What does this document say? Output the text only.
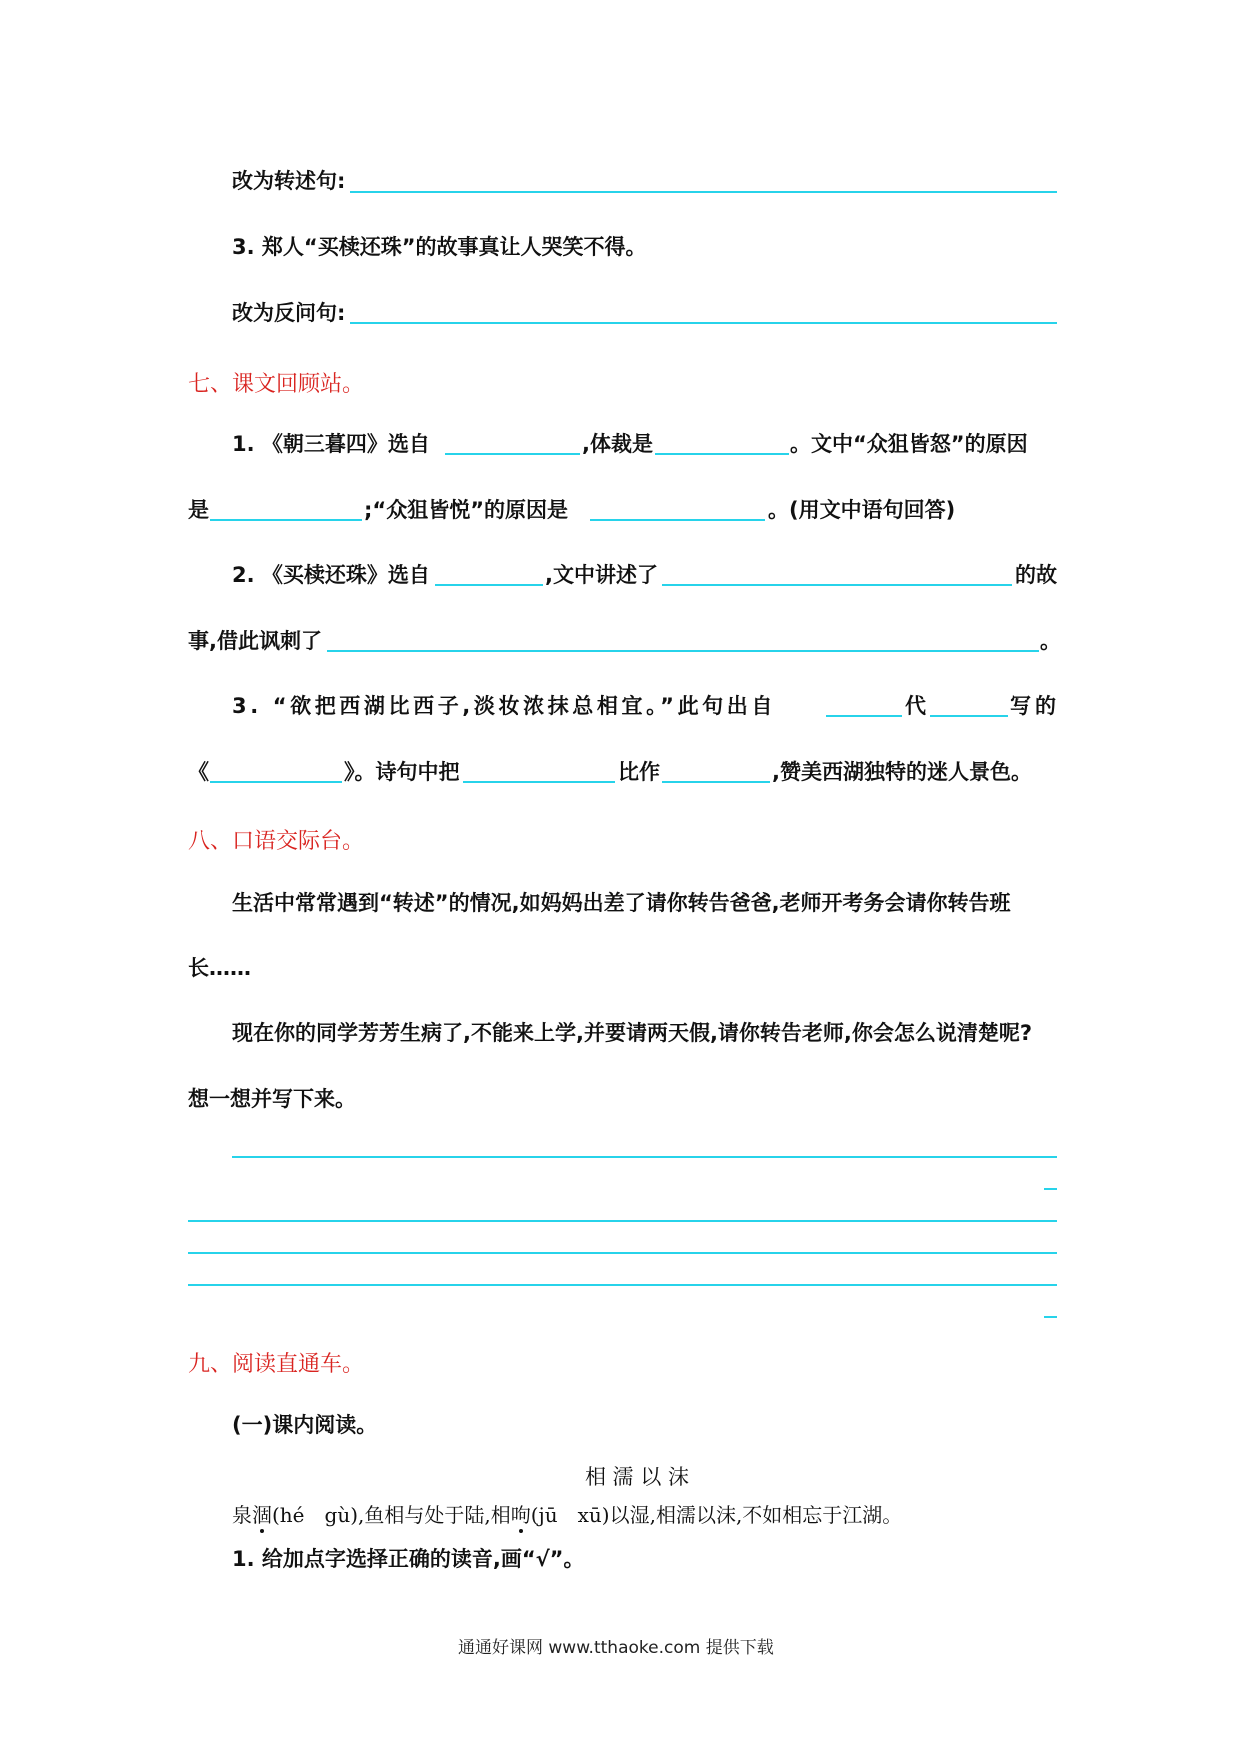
改为转述句:
3. 郑人“买椟还珠”的故事真让人哭笑不得。
改为反问句:
七、课文回顾站。
1. 《朝三暮四》选自	,体裁是	。文中“众狙皆怒”的原因
是	;“众狙皆悦”的原因是	。(用文中语句回答)
2. 《买椟还珠》选自	,文中讲述了	的故
事,借此讽刺了	。
3. “欲把西湖比西子,淡妆浓抹总相宜。”此句出自	代	写的
《	》。诗句中把	比作	,赞美西湖独特的迷人景色。
八、口语交际台。
生活中常常遇到“转述”的情况,如妈妈出差了请你转告爸爸,老师开考务会请你转告班
长……
现在你的同学芳芳生病了,不能来上学,并要请两天假,请你转告老师,你会怎么说清楚呢?
想一想并写下来。
九、阅读直通车。
(一)课内阅读。
相 濡 以 沫
泉涸(hé　gù),鱼相与处于陆,相呴(jū　xū)以湿,相濡以沫,不如相忘于江湖。
1. 给加点字选择正确的读音,画“√”。
通通好课网 www.tthaoke.com 提供下载
